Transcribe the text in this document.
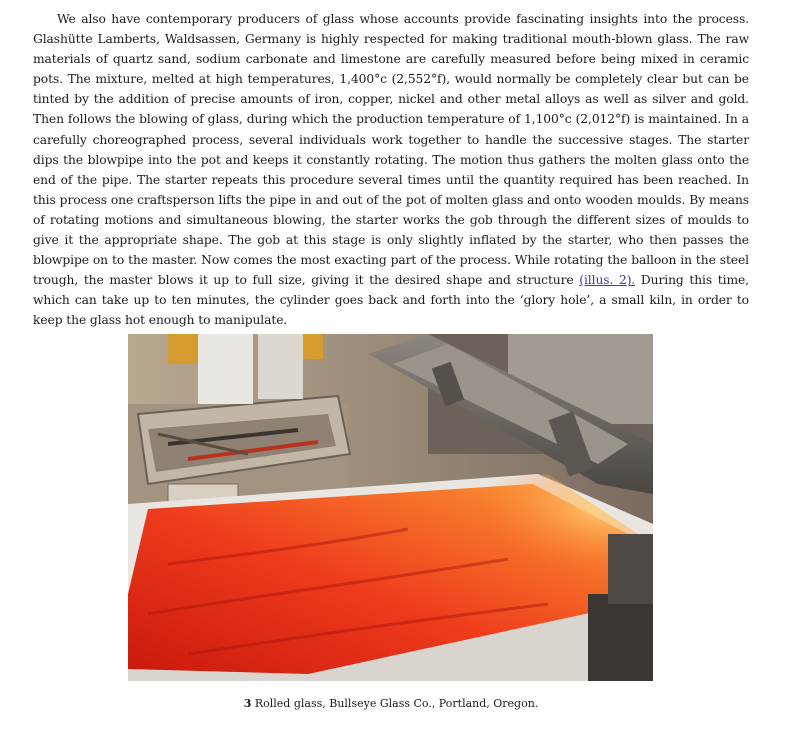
We also have contemporary producers of glass whose accounts provide fascinating insights into the process. Glashütte Lamberts, Waldsassen, Germany is highly respected for making traditional mouth-blown glass. The raw materials of quartz sand, sodium carbonate and limestone are carefully measured before being mixed in ceramic pots. The mixture, melted at high temperatures, 1,400°c (2,552°f), would normally be completely clear but can be tinted by the addition of precise amounts of iron, copper, nickel and other metal alloys as well as silver and gold. Then follows the blowing of glass, during which the production temperature of 1,100°c (2,012°f) is maintained. In a carefully choreographed process, several individuals work together to handle the successive stages. The starter dips the blowpipe into the pot and keeps it constantly rotating. The motion thus gathers the molten glass onto the end of the pipe. The starter repeats this procedure several times until the quantity required has been reached. In this process one craftsperson lifts the pipe in and out of the pot of molten glass and onto wooden moulds. By means of rotating motions and simultaneous blowing, the starter works the gob through the different sizes of moulds to give it the appropriate shape. The gob at this stage is only slightly inflated by the starter, who then passes the blowpipe on to the master. Now comes the most exacting part of the process. While rotating the balloon in the steel trough, the master blows it up to full size, giving it the desired shape and structure (illus. 2). During this time, which can take up to ten minutes, the cylinder goes back and forth into the ‘glory hole’, a small kiln, in order to keep the glass hot enough to manipulate.

3 Rolled glass, Bullseye Glass Co., Portland, Oregon.
